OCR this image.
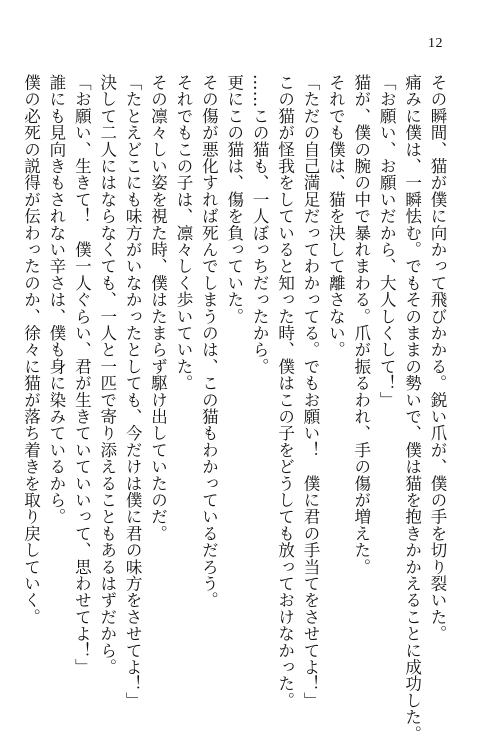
12
その瞬間、猫が僕に向かって飛びかかる。鋭い爪が、僕の手を切り裂いた。
痛みに僕は、一瞬怯む。でもそのままの勢いで、僕は猫を抱きかかえることに成功した。
「お願い、お願いだから、大人しくして！」
猫が、僕の腕の中で暴れまわる。爪が振るわれ、手の傷が増えた。
それでも僕は、猫を決して離さない。
「ただの自己満足だってわかってる。でもお願い！　僕に君の手当てをさせてよ！」
この猫が怪我をしていると知った時、僕はこの子をどうしても放っておけなかった。
……この猫も、一人ぼっちだったから。
更にこの猫は、傷を負っていた。
その傷が悪化すれば死んでしまうのは、この猫もわかっているだろう。
それでもこの子は、凛々しく歩いていた。
その凛々しい姿を視た時、僕はたまらず駆け出していたのだ。
「たとえどこにも味方がいなかったとしても、今だけは僕に君の味方をさせてよ！」
決して二人にはならなくても、一人と一匹で寄り添えることもあるはずだから。
「お願い、生きて！　僕一人ぐらい、君が生きていていいって、思わせてよ！」
誰にも見向きもされない辛さは、僕も身に染みているから。
僕の必死の説得が伝わったのか、徐々に猫が落ち着きを取り戻していく。
